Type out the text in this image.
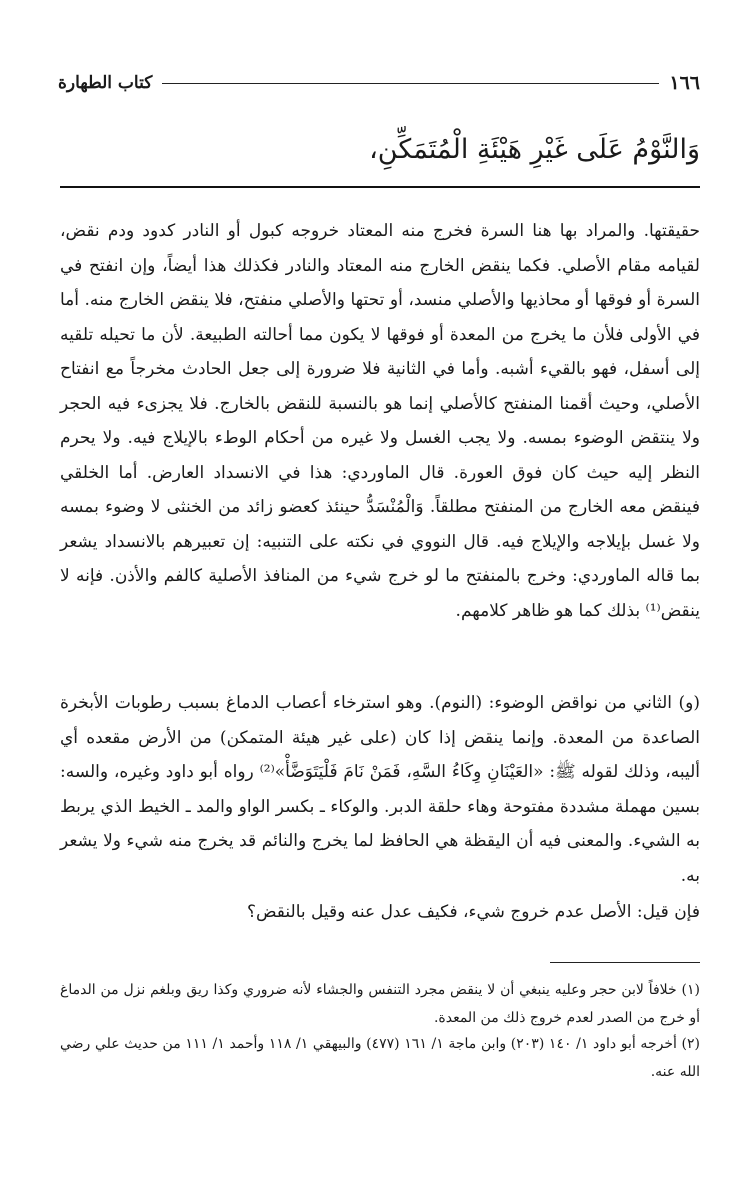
كتاب الطهارة	١٦٦
وَالنَّوْمُ عَلَى غَيْرِ هَيْئَةِ الْمُتَمَكِّنِ،
حقيقتها. والمراد بها هنا السرة فخرج منه المعتاد خروجه كبول أو النادر كدود ودم نقض، لقيامه مقام الأصلي. فكما ينقض الخارج منه المعتاد والنادر فكذلك هذا أيضاً، وإن انفتح في السرة أو فوقها أو محاذيها والأصلي منسد، أو تحتها والأصلي منفتح، فلا ينقض الخارج منه. أما في الأولى فلأن ما يخرج من المعدة أو فوقها لا يكون مما أحالته الطبيعة. لأن ما تحيله تلقيه إلى أسفل، فهو بالقيء أشبه. وأما في الثانية فلا ضرورة إلى جعل الحادث مخرجاً مع انفتاح الأصلي، وحيث أقمنا المنفتح كالأصلي إنما هو بالنسبة للنقض بالخارج. فلا يجزىء فيه الحجر ولا ينتقض الوضوء بمسه. ولا يجب الغسل ولا غيره من أحكام الوطء بالإيلاج فيه. ولا يحرم النظر إليه حيث كان فوق العورة. قال الماوردي: هذا في الانسداد العارض. أما الخلقي فينقض معه الخارج من المنفتح مطلقاً. وَالْمُنْسَدُّ حينئذ كعضو زائد من الخنثى لا وضوء بمسه ولا غسل بإيلاجه والإيلاج فيه. قال النووي في نكته على التنبيه: إن تعبيرهم بالانسداد يشعر بما قاله الماوردي: وخرج بالمنفتح ما لو خرج شيء من المنافذ الأصلية كالفم والأذن. فإنه لا ينقض⁽¹⁾ بذلك كما هو ظاهر كلامهم.
(و) الثاني من نواقض الوضوء: (النوم). وهو استرخاء أعصاب الدماغ بسبب رطوبات الأبخرة الصاعدة من المعدة. وإنما ينقض إذا كان (على غير هيئة المتمكن) من الأرض مقعده أي أليبه، وذلك لقوله ﷺ: «العَيْنَانِ وِكَاءُ السَّهِ، فَمَنْ نَامَ فَلْيَتَوَضَّأْ»⁽²⁾ رواه أبو داود وغيره، والسه: بسين مهملة مشددة مفتوحة وهاء حلقة الدبر. والوكاء ـ بكسر الواو والمد ـ الخيط الذي يربط به الشيء. والمعنى فيه أن اليقظة هي الحافظ لما يخرج والنائم قد يخرج منه شيء ولا يشعر به.
فإن قيل: الأصل عدم خروج شيء، فكيف عدل عنه وقيل بالنقض؟
(١) خلافاً لابن حجر وعليه ينبغي أن لا ينقض مجرد التنفس والجشاء لأنه ضروري وكذا ريق وبلغم نزل من الدماغ أو خرج من الصدر لعدم خروج ذلك من المعدة.
(٢) أخرجه أبو داود ١/ ١٤٠ (٢٠٣) وابن ماجة ١/ ١٦١ (٤٧٧) والبيهقي ١/ ١١٨ وأحمد ١/ ١١١ من حديث علي رضي الله عنه.
